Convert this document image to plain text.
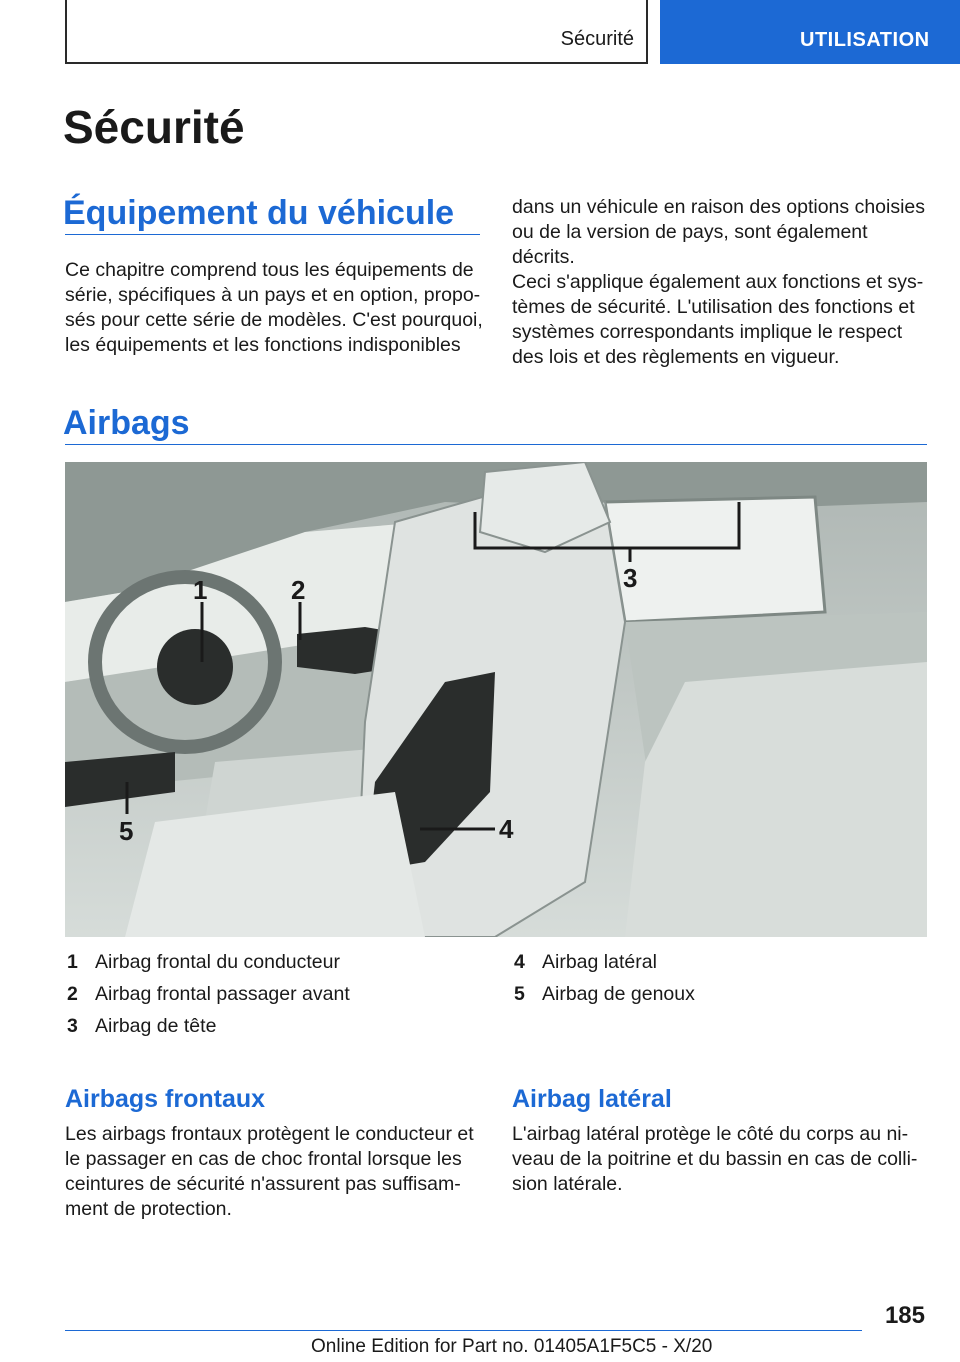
Sécurité	UTILISATION
Sécurité
Équipement du véhicule
Ce chapitre comprend tous les équipements de
série, spécifiques à un pays et en option, propo-
sés pour cette série de modèles. C'est pourquoi,
les équipements et les fonctions indisponibles
dans un véhicule en raison des options choisies
ou de la version de pays, sont également décrits.
Ceci s'applique également aux fonctions et sys-
tèmes de sécurité. L'utilisation des fonctions et
systèmes correspondants implique le respect
des lois et des règlements en vigueur.
Airbags
1	2	3
4
5
1 Airbag frontal du conducteur
2 Airbag frontal passager avant
3 Airbag de tête
4 Airbag latéral
5 Airbag de genoux
Airbags frontaux
Les airbags frontaux protègent le conducteur et
le passager en cas de choc frontal lorsque les
ceintures de sécurité n'assurent pas suffisam-
ment de protection.
Airbag latéral
L'airbag latéral protège le côté du corps au ni-
veau de la poitrine et du bassin en cas de colli-
sion latérale.
185
Online Edition for Part no. 01405A1F5C5 - X/20
